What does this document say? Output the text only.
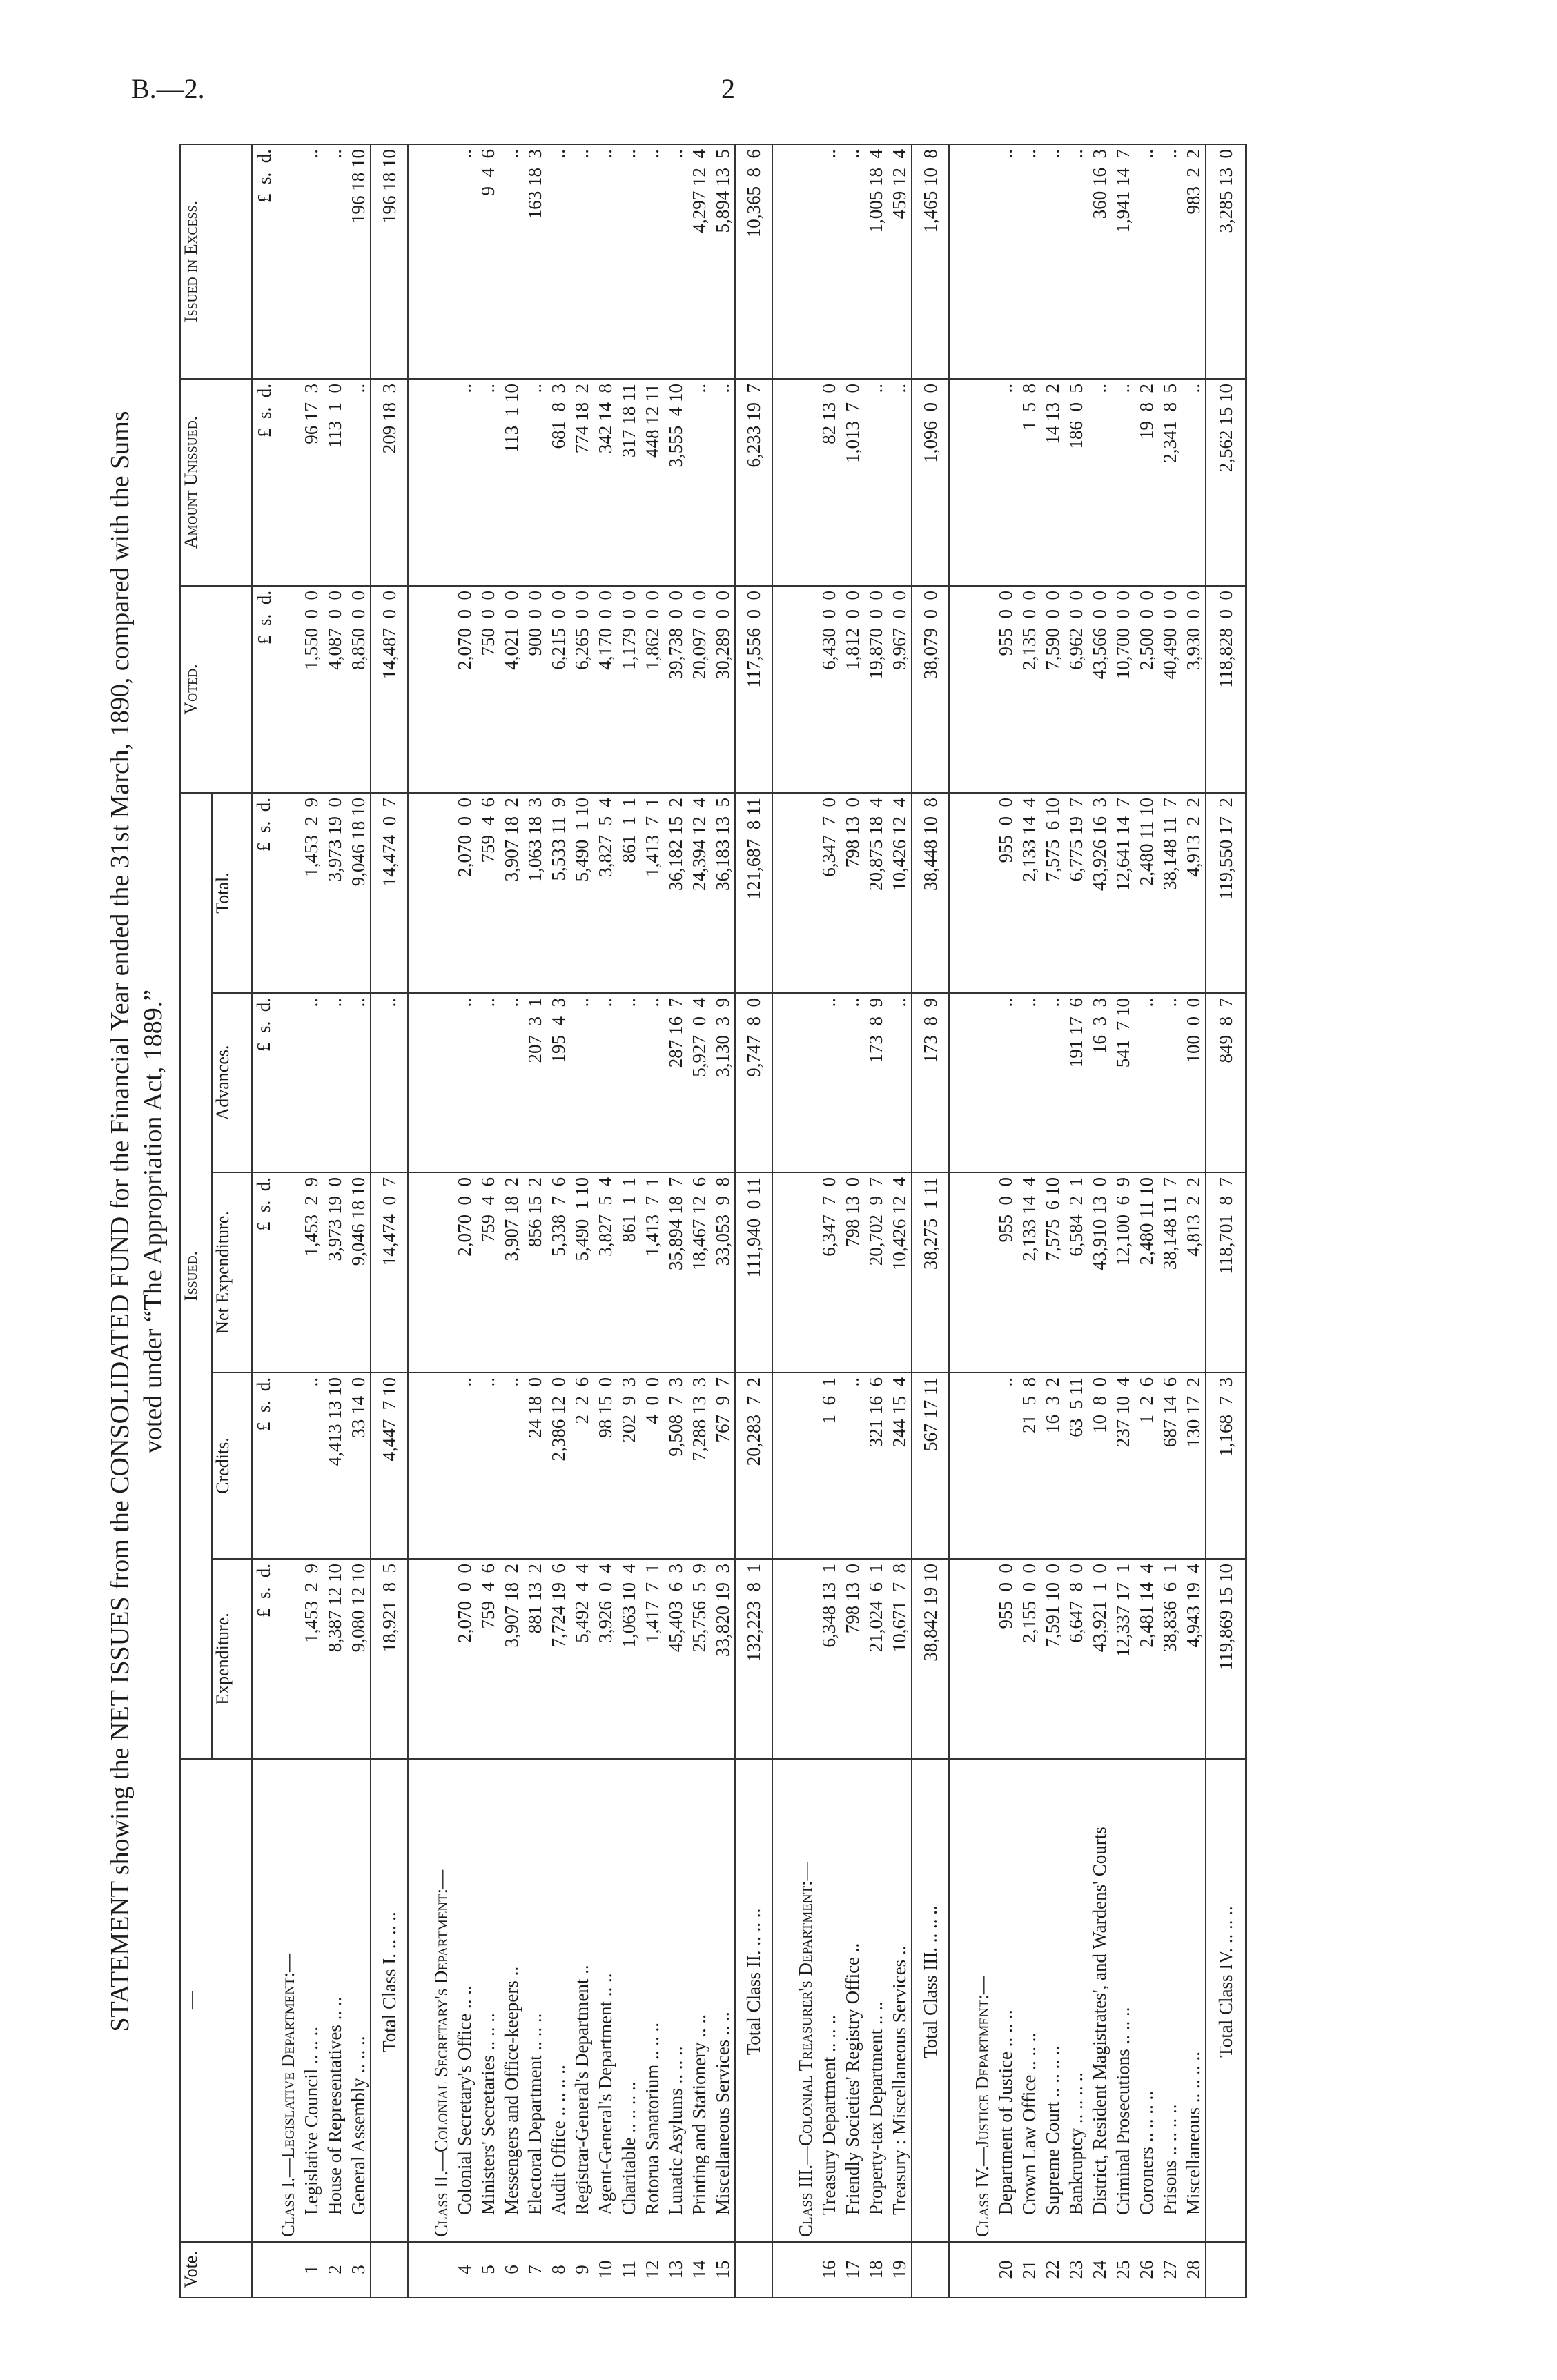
B.—2.	2
STATEMENT showing the NET ISSUES from the CONSOLIDATED FUND for the Financial Year ended the 31st March, 1890, compared with the Sums voted under “The Appropriation Act, 1889.”
Vote.	—	Issued.					Voted.	Amount Unissued.	Issued in Excess.
		Expenditure.	Credits.	Net Expenditure.	Advances.	Total.			

		£  s.  d.	£  s.  d.	£  s.  d.	£  s.  d.	£  s.  d.	£  s.  d.	£  s.  d.	£  s.  d.
	Class I.—Legislative Department:—								
1	Legislative Council .. .. ..	1,453  2  9	..	1,453  2  9	..	1,453  2  9	1,550  0  0	96 17  3	..
2	House of Representatives .. ..	8,387 12 10	4,413 13 10	3,973 19  0	..	3,973 19  0	4,087  0  0	113  1  0	..
3	General Assembly .. .. ..	9,080 12 10	33 14  0	9,046 18 10	..	9,046 18 10	8,850  0  0	..	196 18 10
	Total Class I. .. .. ..	18,921  8  5	4,447  7 10	14,474  0  7	..	14,474  0  7	14,487  0  0	209 18  3	196 18 10

	Class II.—Colonial Secretary's Department:—								
4	Colonial Secretary's Office .. ..	2,070  0  0	..	2,070  0  0	..	2,070  0  0	2,070  0  0	..	..
5	Ministers' Secretaries .. .. ..	759  4  6	..	759  4  6	..	759  4  6	750  0  0	..	9  4  6
6	Messengers and Office-keepers ..	3,907 18  2	..	3,907 18  2	..	3,907 18  2	4,021  0  0	113  1 10	..
7	Electoral Department .. .. ..	881 13  2	24 18  0	856 15  2	207  3  1	1,063 18  3	900  0  0	..	163 18  3
8	Audit Office .. .. .. ..	7,724 19  6	2,386 12  0	5,338  7  6	195  4  3	5,533 11  9	6,215  0  0	681  8  3	..
9	Registrar-General's Department ..	5,492  4  4	2  2  6	5,490  1 10	..	5,490  1 10	6,265  0  0	774 18  2	..
10	Agent-General's Department .. ..	3,926  0  4	98 15  0	3,827  5  4	..	3,827  5  4	4,170  0  0	342 14  8	..
11	Charitable .. .. .. ..	1,063 10  4	202  9  3	861  1  1	..	861  1  1	1,179  0  0	317 18 11	..
12	Rotorua Sanatorium .. .. ..	1,417  7  1	4  0  0	1,413  7  1	..	1,413  7  1	1,862  0  0	448 12 11	..
13	Lunatic Asylums .. .. ..	45,403  6  3	9,508  7  3	35,894 18  7	287 16  7	36,182 15  2	39,738  0  0	3,555  4 10	..
14	Printing and Stationery .. ..	25,756  5  9	7,288 13  3	18,467 12  6	5,927  0  4	24,394 12  4	20,097  0  0	..	4,297 12  4
15	Miscellaneous Services .. ..	33,820 19  3	767  9  7	33,053  9  8	3,130  3  9	36,183 13  5	30,289  0  0	..	5,894 13  5
	Total Class II. .. .. ..	132,223  8  1	20,283  7  2	111,940  0 11	9,747  8  0	121,687  8 11	117,556  0  0	6,233 19  7	10,365  8  6

	Class III.—Colonial Treasurer's Department:—								
16	Treasury Department .. .. ..	6,348 13  1	1  6  1	6,347  7  0	..	6,347  7  0	6,430  0  0	82 13  0	..
17	Friendly Societies' Registry Office ..	798 13  0	..	798 13  0	..	798 13  0	1,812  0  0	1,013  7  0	..
18	Property-tax Department .. ..	21,024  6  1	321 16  6	20,702  9  7	173  8  9	20,875 18  4	19,870  0  0	..	1,005 18  4
19	Treasury : Miscellaneous Services ..	10,671  7  8	244 15  4	10,426 12  4	..	10,426 12  4	9,967  0  0	..	459 12  4
	Total Class III. .. .. ..	38,842 19 10	567 17 11	38,275  1 11	173  8  9	38,448 10  8	38,079  0  0	1,096  0  0	1,465 10  8

	Class IV.—Justice Department:—								
20	Department of Justice .. .. ..	955  0  0	..	955  0  0	..	955  0  0	955  0  0	..	..
21	Crown Law Office .. .. ..	2,155  0  0	21  5  8	2,133 14  4	..	2,133 14  4	2,135  0  0	1  5  8	..
22	Supreme Court .. .. .. ..	7,591 10  0	16  3  2	7,575  6 10	..	7,575  6 10	7,590  0  0	14 13  2	..
23	Bankruptcy .. .. .. ..	6,647  8  0	63  5 11	6,584  2  1	191 17  6	6,775 19  7	6,962  0  0	186  0  5	..
24	District, Resident Magistrates', and Wardens' Courts	43,921  1  0	10  8  0	43,910 13  0	16  3  3	43,926 16  3	43,566  0  0	..	360 16  3
25	Criminal Prosecutions .. .. ..	12,337 17  1	237 10  4	12,100  6  9	541  7 10	12,641 14  7	10,700  0  0	..	1,941 14  7
26	Coroners .. .. .. ..	2,481 14  4	1  2  6	2,480 11 10	..	2,480 11 10	2,500  0  0	19  8  2	..
27	Prisons .. .. .. ..	38,836  6  1	687 14  6	38,148 11  7	..	38,148 11  7	40,490  0  0	2,341  8  5	..
28	Miscellaneous .. .. .. ..	4,943 19  4	130 17  2	4,813  2  2	100  0  0	4,913  2  2	3,930  0  0	..	983  2  2
	Total Class IV. .. .. ..	119,869 15 10	1,168  7  3	118,701  8  7	849  8  7	119,550 17  2	118,828  0  0	2,562 15 10	3,285 13  0
